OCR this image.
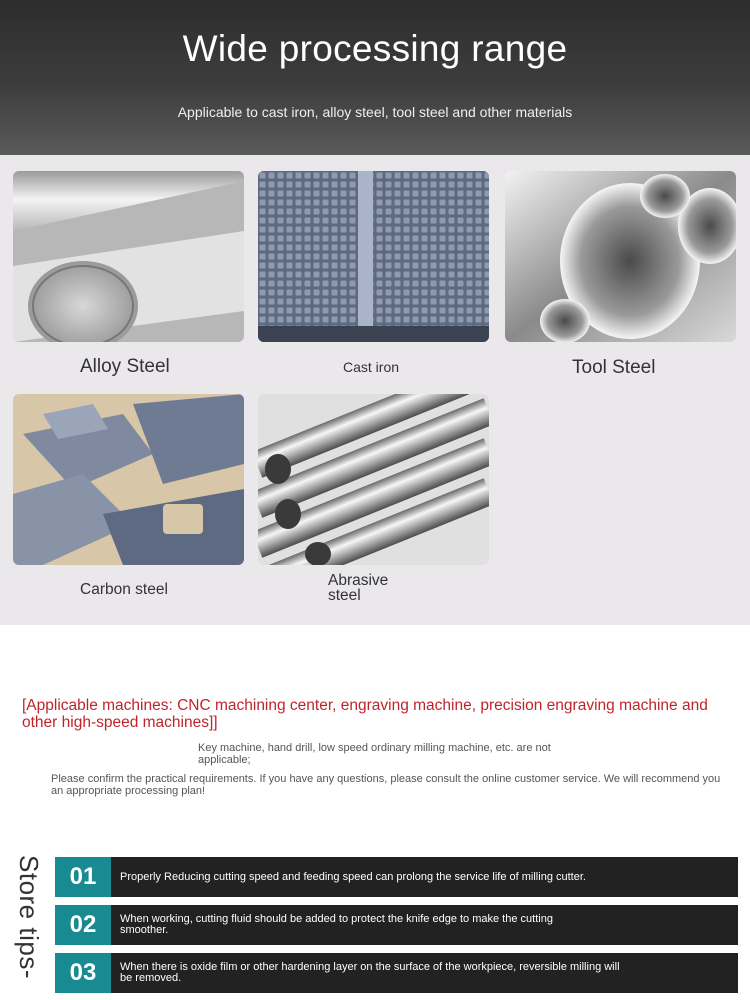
Wide processing range

Applicable to cast iron, alloy steel, tool steel and other materials

Alloy Steel	Cast iron	Tool Steel
Carbon steel
Abrasive steel

[Applicable machines: CNC machining center, engraving machine, precision engraving machine and other high-speed machines]]

Key machine, hand drill, low speed ordinary milling machine, etc. are not applicable;

Please confirm the practical requirements. If you have any questions, please consult the online customer service. We will recommend you an appropriate processing plan!

Store tips-	01	Properly Reducing cutting speed and feeding speed can prolong the service life of milling cutter.
02	When working, cutting fluid should be added to protect the knife edge to make the cutting smoother.
03	When there is oxide film or other hardening layer on the surface of the workpiece, reversible milling will be removed.
